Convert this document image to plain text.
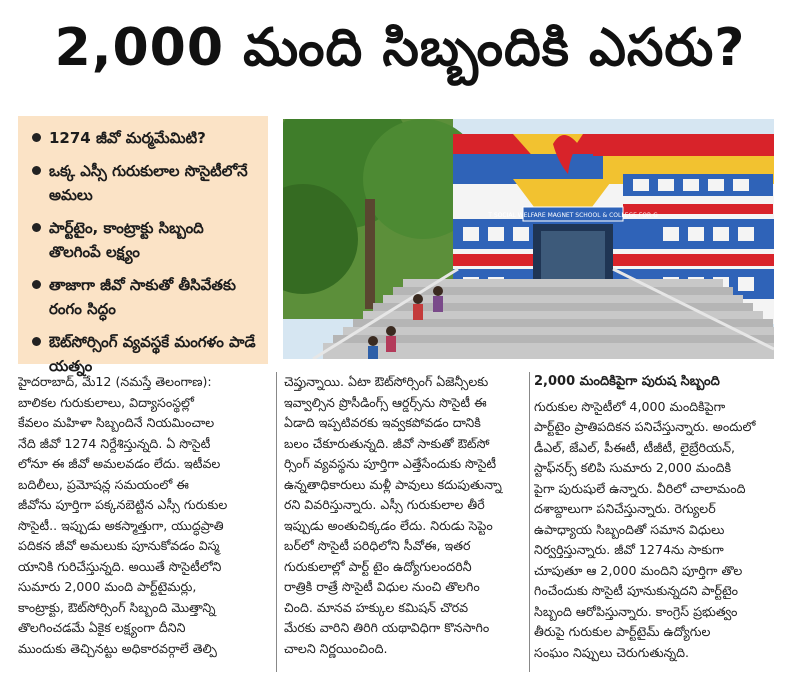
2,000 మంది సిబ్బందికి ఎసరు?
1274 జీవో మర్మమేమిటి?
ఒక్క ఎస్సీ గురుకులాల సొసైటీలోనే అమలు
పార్ట్‌టైం, కాంట్రాక్టు సిబ్బంది తొలగింపే లక్ష్యం
తాజాగా జీవో సాకుతో తీసివేతకు రంగం సిద్ధం
ఔట్‌సోర్సింగ్ వ్యవస్థకే మంగళం పాడే యత్నం
T SOCIAL WELFARE MAGNET SCHOOL & COLLEGE FOR G
హైదరాబాద్, మే12 (నమస్తే తెలంగాణ):
బాలికల గురుకులాలు, విద్యాసంస్థల్లో
కేవలం మహిళా సిబ్బందినే నియమించాల
నేది జీవో 1274 నిర్దేశిస్తున్నది. ఏ సొసైటీ
లోనూ ఈ జీవో అమలవడం లేదు. ఇటీవల
బదిలీలు, ప్రమోషన్ల సమయంలో ఈ
జీవోను పూర్తిగా పక్కనబెట్టిన ఎస్సీ గురుకుల
సొసైటీ.. ఇప్పుడు అకస్మాత్తుగా, యుద్ధప్రాతి
పదికన జీవో అమలుకు పూనుకోవడం విస్మ
యానికి గురిచేస్తున్నది. అయితే సొసైటీలోని
సుమారు 2,000 మంది పార్ట్‌టైమర్లు,
కాంట్రాక్టు, ఔట్‌సోర్సింగ్ సిబ్బంది మొత్తాన్ని
తొలగించడమే ఏకైక లక్ష్యంగా దీనిని
ముందుకు తెచ్చినట్టు అధికారవర్గాలే తెల్పి
చెప్తున్నాయి. ఏటా ఔట్‌సోర్సింగ్ ఏజెన్సీలకు
ఇవ్వాల్సిన ప్రొసీడింగ్స్ ఆర్డర్స్‌ను సొసైటీ ఈ
ఏడాది ఇప్పటివరకు ఇవ్వకపోవడం దానికి
బలం చేకూరుతున్నది. జీవో సాకుతో ఔట్‌సో
ర్సింగ్ వ్యవస్థను పూర్తిగా ఎత్తేసేందుకు సొసైటీ
ఉన్నతాధికారులు మళ్లీ పావులు కదుపుతున్నా
రని వివరిస్తున్నారు. ఎస్సీ గురుకులాల తీరే
ఇప్పుడు అంతుచిక్కడం లేదు. నిరుడు సెప్టెం
బర్‌లో సొసైటీ పరిధిలోని సీవోఈ, ఇతర
గురుకులాల్లో పార్ట్ టైం ఉద్యోగులందరినీ
రాత్రికి రాత్రే సొసైటీ విధుల నుంచి తొలగిం
చింది. మానవ హక్కుల కమిషన్ చొరవ
మేరకు వారిని తిరిగి యథావిధిగా కొనసాగిం
చాలని నిర్ణయించింది.
2,000 మందికిపైగా పురుష సిబ్బంది
గురుకుల సొసైటీలో 4,000 మందికిపైగా
పార్ట్‌టైం ప్రాతిపదికన పనిచేస్తున్నారు. అందులో
డీఎల్, జేఎల్, పీఈటీ, టీజీటీ, లైబ్రేరియన్,
స్టాఫ్‌నర్స్ కలిపి సుమారు 2,000 మందికి
పైగా పురుషులే ఉన్నారు. వీరిలో చాలామంది
దశాబ్దాలుగా పనిచేస్తున్నారు. రెగ్యులర్
ఉపాధ్యాయ సిబ్బందితో సమాన విధులు
నిర్వర్తిస్తున్నారు. జీవో 1274ను సాకుగా
చూపుతూ ఆ 2,000 మందిని పూర్తిగా తొల
గించేందుకు సొసైటీ పూనుకున్నదని పార్ట్‌టైం
సిబ్బంది ఆరోపిస్తున్నారు. కాంగ్రెస్ ప్రభుత్వం
తీరుపై గురుకుల పార్ట్‌టైమ్ ఉద్యోగుల
సంఘం నిప్పులు చెరుగుతున్నది.
